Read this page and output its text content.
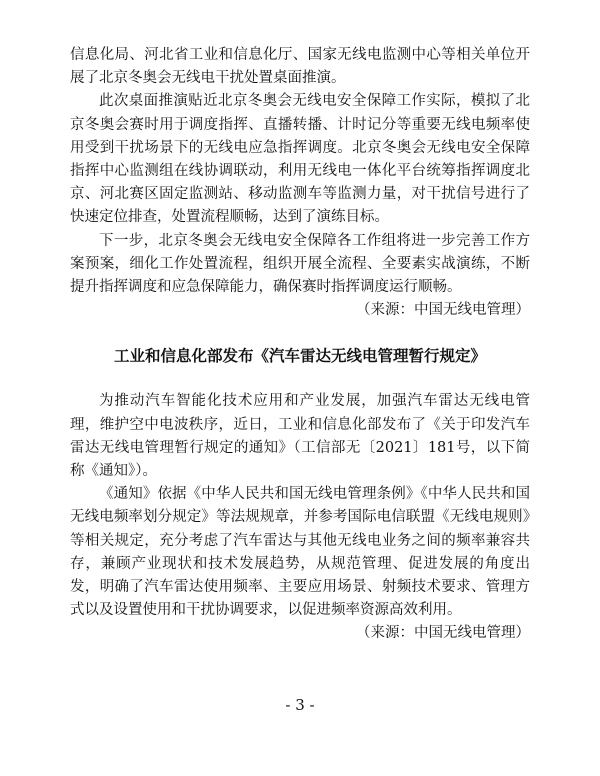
信息化局、河北省工业和信息化厅、国家无线电监测中心等相关单位开展了北京冬奥会无线电干扰处置桌面推演。

此次桌面推演贴近北京冬奥会无线电安全保障工作实际，模拟了北京冬奥会赛时用于调度指挥、直播转播、计时记分等重要无线电频率使用受到干扰场景下的无线电应急指挥调度。北京冬奥会无线电安全保障指挥中心监测组在线协调联动，利用无线电一体化平台统筹指挥调度北京、河北赛区固定监测站、移动监测车等监测力量，对干扰信号进行了快速定位排查，处置流程顺畅，达到了演练目标。

下一步，北京冬奥会无线电安全保障各工作组将进一步完善工作方案预案，细化工作处置流程，组织开展全流程、全要素实战演练，不断提升指挥调度和应急保障能力，确保赛时指挥调度运行顺畅。

（来源：中国无线电管理）

工业和信息化部发布《汽车雷达无线电管理暂行规定》

为推动汽车智能化技术应用和产业发展，加强汽车雷达无线电管理，维护空中电波秩序，近日，工业和信息化部发布了《关于印发汽车雷达无线电管理暂行规定的通知》（工信部无〔2021〕181号，以下简称《通知》）。

《通知》依据《中华人民共和国无线电管理条例》《中华人民共和国无线电频率划分规定》等法规规章，并参考国际电信联盟《无线电规则》等相关规定，充分考虑了汽车雷达与其他无线电业务之间的频率兼容共存，兼顾产业现状和技术发展趋势，从规范管理、促进发展的角度出发，明确了汽车雷达使用频率、主要应用场景、射频技术要求、管理方式以及设置使用和干扰协调要求，以促进频率资源高效利用。

（来源：中国无线电管理）

- 3 -
